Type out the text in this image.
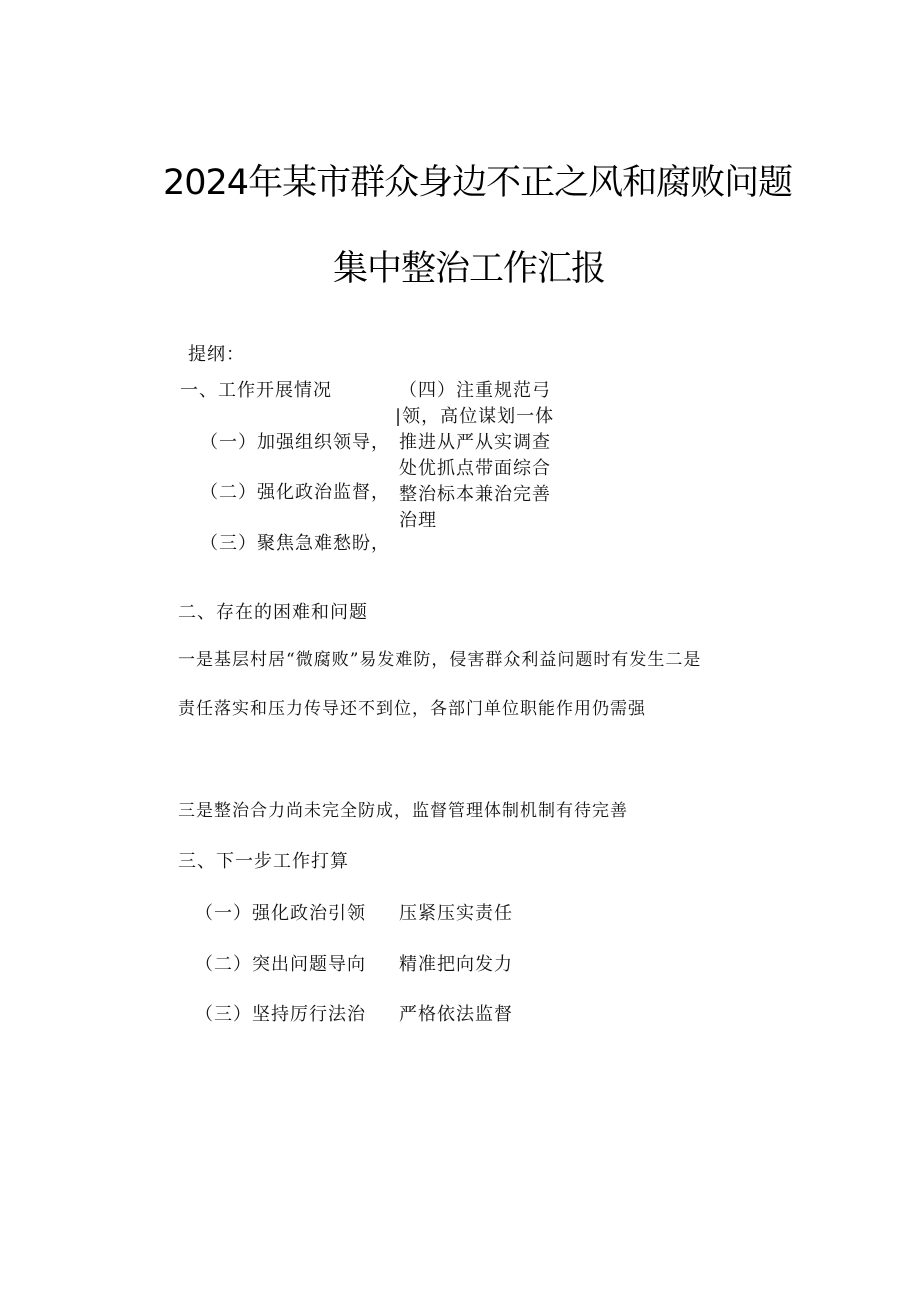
2024年某市群众身边不正之风和腐败问题
集中整治工作汇报
提纲：
一、工作开展情况
（一）加强组织领导，
（二）强化政治监督，
（三）聚焦急难愁盼，
（四）注重规范弓
|领，高位谋划一体
推进从严从实调查
处优抓点带面综合
整治标本兼治完善
治理
二、存在的困难和问题
一是基层村居“微腐败”易发难防，侵害群众利益问题时有发生二是
责任落实和压力传导还不到位，各部门单位职能作用仍需强
三是整治合力尚未完全防成，监督管理体制机制有待完善
三、下一步工作打算
（一）强化政治引领 压紧压实责任
（二）突出问题导向 精准把向发力
（三）坚持厉行法治 严格依法监督
